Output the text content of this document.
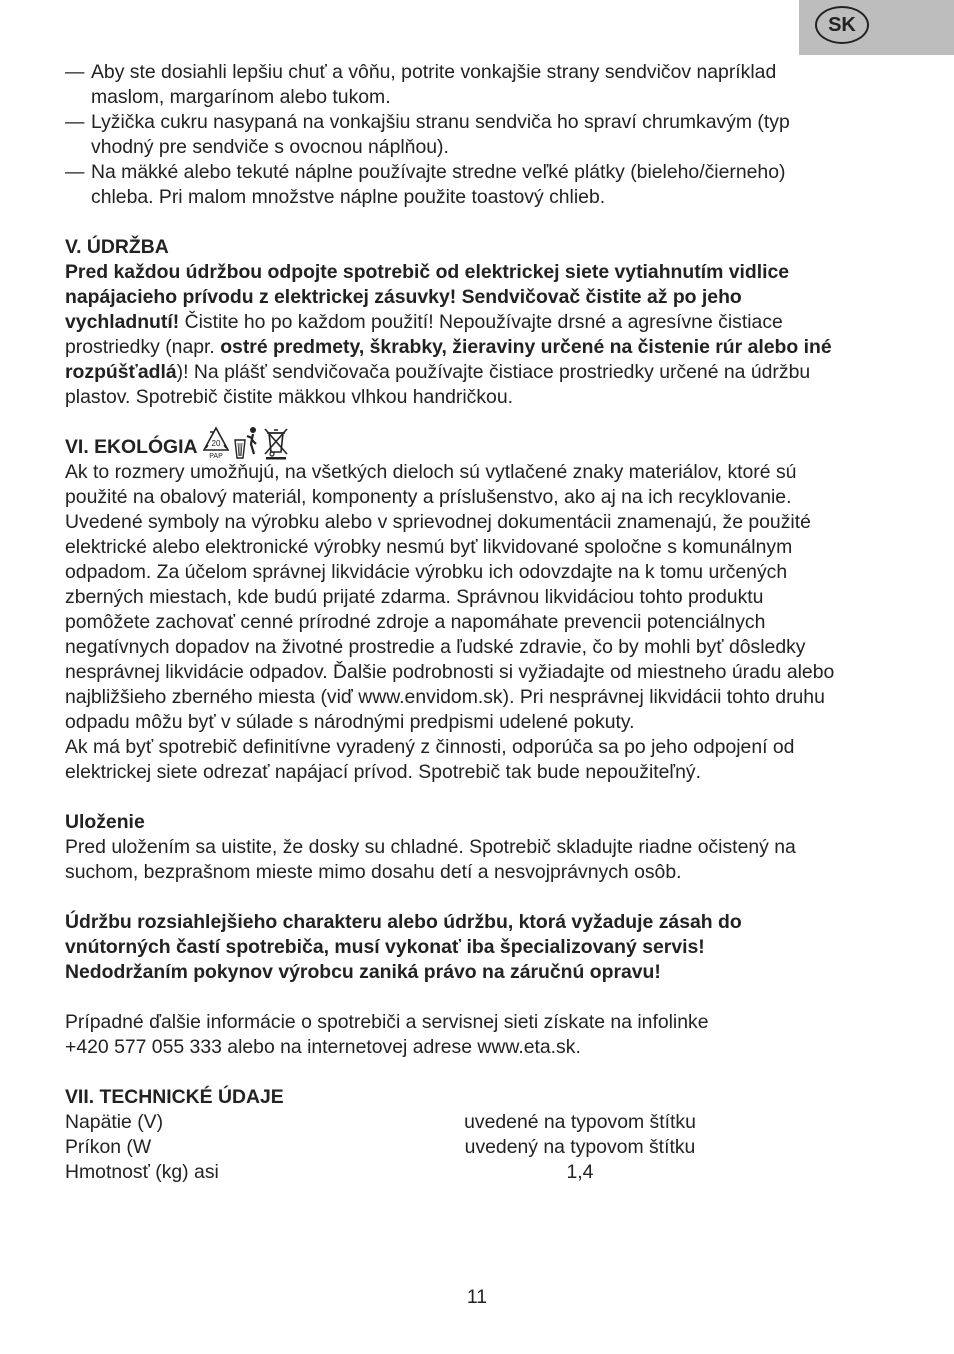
SK
— Aby ste dosiahli lepšiu chuť a vôňu, potrite vonkajšie strany sendvičov napríklad
maslom, margarínom alebo tukom.
— Lyžička cukru nasypaná na vonkajšiu stranu sendviča ho spraví chrumkavým (typ
vhodný pre sendviče s ovocnou náplňou).
— Na mäkké alebo tekuté náplne používajte stredne veľké plátky (bieleho/čierneho)
chleba. Pri malom množstve náplne použite toastový chlieb.
V. ÚDRŽBA
Pred každou údržbou odpojte spotrebič od elektrickej siete vytiahnutím vidlice
napájacieho prívodu z elektrickej zásuvky! Sendvičovač čistite až po jeho
vychladnutí! Čistite ho po každom použití! Nepoužívajte drsné a agresívne čistiace
prostriedky (napr. ostré predmety, škrabky, žieraviny určené na čistenie rúr alebo iné
rozpúšťadlá)! Na plášť sendvičovača používajte čistiace prostriedky určené na údržbu
plastov. Spotrebič čistite mäkkou vlhkou handričkou.
VI. EKOLÓGIA 20
PAP
Ak to rozmery umožňujú, na všetkých dieloch sú vytlačené znaky materiálov, ktoré sú
použité na obalový materiál, komponenty a príslušenstvo, ako aj na ich recyklovanie.
Uvedené symboly na výrobku alebo v sprievodnej dokumentácii znamenajú, že použité
elektrické alebo elektronické výrobky nesmú byť likvidované spoločne s komunálnym
odpadom. Za účelom správnej likvidácie výrobku ich odovzdajte na k tomu určených
zberných miestach, kde budú prijaté zdarma. Správnou likvidáciou tohto produktu
pomôžete zachovať cenné prírodné zdroje a napomáhate prevencii potenciálnych
negatívnych dopadov na životné prostredie a ľudské zdravie, čo by mohli byť dôsledky
nesprávnej likvidácie odpadov. Ďalšie podrobnosti si vyžiadajte od miestneho úradu alebo
najbližšieho zberného miesta (viď www.envidom.sk). Pri nesprávnej likvidácii tohto druhu
odpadu môžu byť v súlade s národnými predpismi udelené pokuty.
Ak má byť spotrebič definitívne vyradený z činnosti, odporúča sa po jeho odpojení od
elektrickej siete odrezať napájací prívod. Spotrebič tak bude nepoužiteľný.
Uloženie
Pred uložením sa uistite, že dosky su chladné. Spotrebič skladujte riadne očistený na
suchom, bezprašnom mieste mimo dosahu detí a nesvojprávnych osôb.
Údržbu rozsiahlejšieho charakteru alebo údržbu, ktorá vyžaduje zásah do
vnútorných častí spotrebiča, musí vykonať iba špecializovaný servis!
Nedodržaním pokynov výrobcu zaniká právo na záručnú opravu!
Prípadné ďalšie informácie o spotrebiči a servisnej sieti získate na infolinke
+420 577 055 333 alebo na internetovej adrese www.eta.sk.
VII. TECHNICKÉ ÚDAJE
Napätie (V)	uvedené na typovom štítku
Príkon (W	uvedený na typovom štítku
Hmotnosť (kg) asi	1,4
11
